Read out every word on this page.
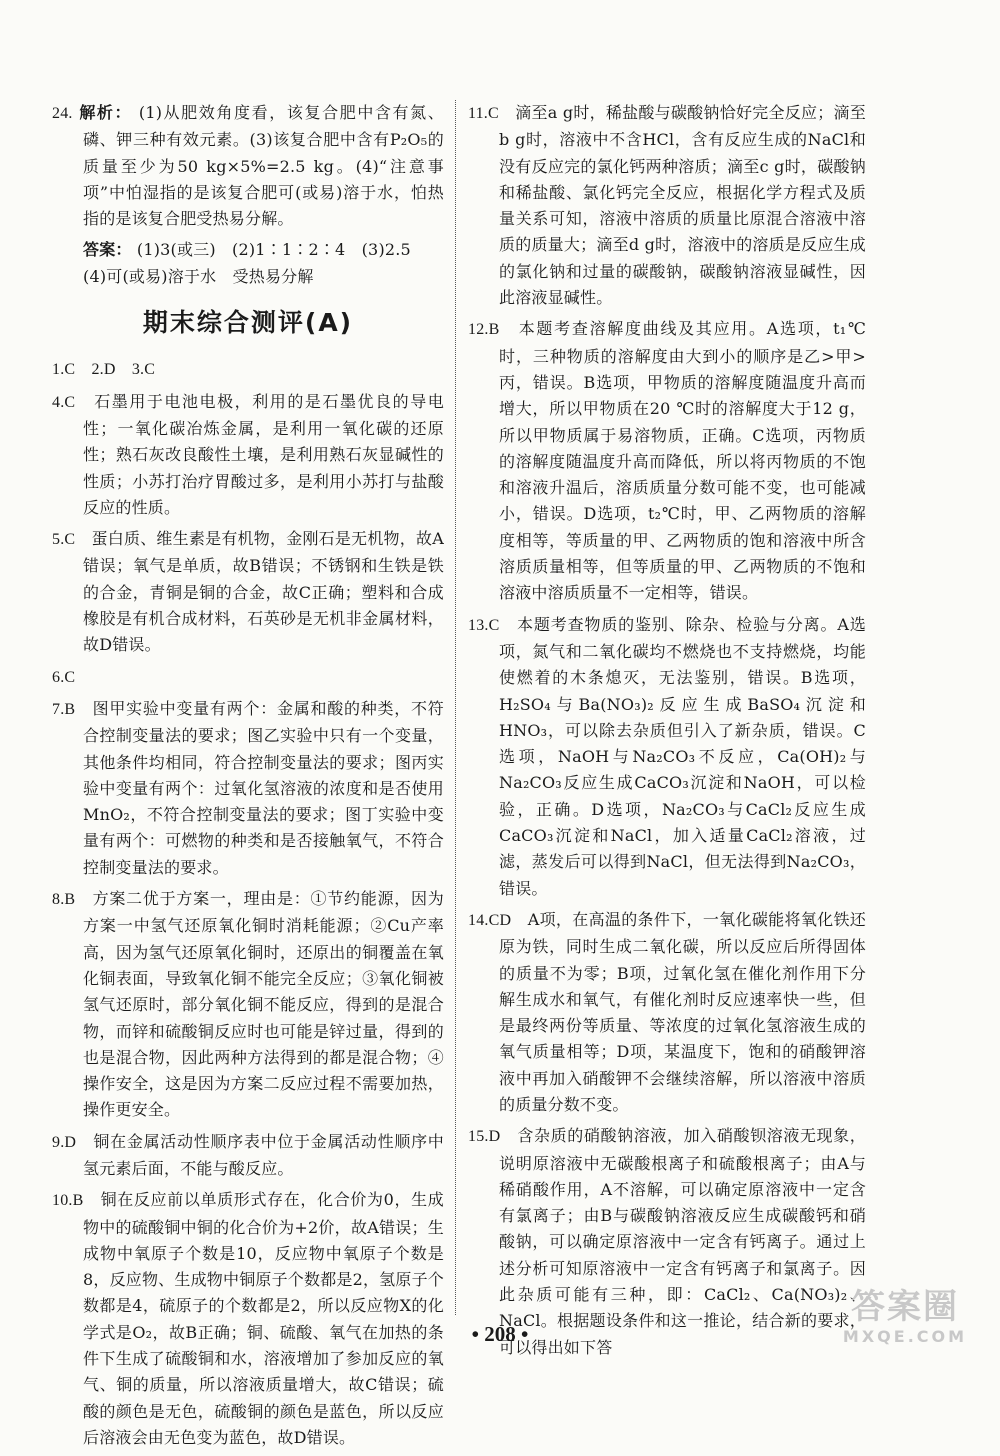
24. 解析： (1)从肥效角度看，该复合肥中含有氮、磷、钾三种有效元素。(3)该复合肥中含有P₂O₅的质量至少为50 kg×5%=2.5 kg。(4)“注意事项”中怕湿指的是该复合肥可(或易)溶于水，怕热指的是该复合肥受热易分解。
答案： (1)3(或三)　(2)1∶1∶2∶4　(3)2.5　(4)可(或易)溶于水　受热易分解
期末综合测评(A)
1.C　2.D　3.C
4.C　 石墨用于电池电极，利用的是石墨优良的导电性；一氧化碳冶炼金属，是利用一氧化碳的还原性；熟石灰改良酸性土壤，是利用熟石灰显碱性的性质；小苏打治疗胃酸过多，是利用小苏打与盐酸反应的性质。
5.C　 蛋白质、维生素是有机物，金刚石是无机物，故A错误；氧气是单质，故B错误；不锈钢和生铁是铁的合金，青铜是铜的合金，故C正确；塑料和合成橡胶是有机合成材料，石英砂是无机非金属材料，故D错误。
6.C
7.B　 图甲实验中变量有两个：金属和酸的种类，不符合控制变量法的要求；图乙实验中只有一个变量，其他条件均相同，符合控制变量法的要求；图丙实验中变量有两个：过氧化氢溶液的浓度和是否使用MnO₂，不符合控制变量法的要求；图丁实验中变量有两个：可燃物的种类和是否接触氧气，不符合控制变量法的要求。
8.B　 方案二优于方案一，理由是：①节约能源，因为方案一中氢气还原氧化铜时消耗能源；②Cu产率高，因为氢气还原氧化铜时，还原出的铜覆盖在氧化铜表面，导致氧化铜不能完全反应；③氧化铜被氢气还原时，部分氧化铜不能反应，得到的是混合物，而锌和硫酸铜反应时也可能是锌过量，得到的也是混合物，因此两种方法得到的都是混合物；④操作安全，这是因为方案二反应过程不需要加热，操作更安全。
9.D　 铜在金属活动性顺序表中位于金属活动性顺序中氢元素后面，不能与酸反应。
10.B　 铜在反应前以单质形式存在，化合价为0，生成物中的硫酸铜中铜的化合价为+2价，故A错误；生成物中氧原子个数是10，反应物中氧原子个数是8，反应物、生成物中铜原子个数都是2，氢原子个数都是4，硫原子的个数都是2，所以反应物X的化学式是O₂，故B正确；铜、硫酸、氧气在加热的条件下生成了硫酸铜和水，溶液增加了参加反应的氧气、铜的质量，所以溶液质量增大，故C错误；硫酸的颜色是无色，硫酸铜的颜色是蓝色，所以反应后溶液会由无色变为蓝色，故D错误。
11.C　 滴至a g时，稀盐酸与碳酸钠恰好完全反应；滴至b g时，溶液中不含HCl，含有反应生成的NaCl和没有反应完的氯化钙两种溶质；滴至c g时，碳酸钠和稀盐酸、氯化钙完全反应，根据化学方程式及质量关系可知，溶液中溶质的质量比原混合溶液中溶质的质量大；滴至d g时，溶液中的溶质是反应生成的氯化钠和过量的碳酸钠，碳酸钠溶液显碱性，因此溶液显碱性。
12.B　 本题考查溶解度曲线及其应用。A选项，t₁℃时，三种物质的溶解度由大到小的顺序是乙>甲>丙，错误。B选项，甲物质的溶解度随温度升高而增大，所以甲物质在20 ℃时的溶解度大于12 g，所以甲物质属于易溶物质，正确。C选项，丙物质的溶解度随温度升高而降低，所以将丙物质的不饱和溶液升温后，溶质质量分数可能不变，也可能减小，错误。D选项，t₂℃时，甲、乙两物质的溶解度相等，等质量的甲、乙两物质的饱和溶液中所含溶质质量相等，但等质量的甲、乙两物质的不饱和溶液中溶质质量不一定相等，错误。
13.C　 本题考查物质的鉴别、除杂、检验与分离。A选项，氮气和二氧化碳均不燃烧也不支持燃烧，均能使燃着的木条熄灭，无法鉴别，错误。B选项，H₂SO₄与Ba(NO₃)₂反应生成BaSO₄沉淀和HNO₃，可以除去杂质但引入了新杂质，错误。C选项，NaOH与Na₂CO₃不反应，Ca(OH)₂与Na₂CO₃反应生成CaCO₃沉淀和NaOH，可以检验，正确。D选项，Na₂CO₃与CaCl₂反应生成CaCO₃沉淀和NaCl，加入适量CaCl₂溶液，过滤，蒸发后可以得到NaCl，但无法得到Na₂CO₃，错误。
14.CD　 A项，在高温的条件下，一氧化碳能将氧化铁还原为铁，同时生成二氧化碳，所以反应后所得固体的质量不为零；B项，过氧化氢在催化剂作用下分解生成水和氧气，有催化剂时反应速率快一些，但是最终两份等质量、等浓度的过氧化氢溶液生成的氧气质量相等；D项，某温度下，饱和的硝酸钾溶液中再加入硝酸钾不会继续溶解，所以溶液中溶质的质量分数不变。
15.D　 含杂质的硝酸钠溶液，加入硝酸钡溶液无现象，说明原溶液中无碳酸根离子和硫酸根离子；由A与稀硝酸作用，A不溶解，可以确定原溶液中一定含有氯离子；由B与碳酸钠溶液反应生成碳酸钙和硝酸钠，可以确定原溶液中一定含有钙离子。通过上述分析可知原溶液中一定含有钙离子和氯离子。因此杂质可能有三种，即：CaCl₂、Ca(NO₃)₂、NaCl。根据题设条件和这一推论，结合新的要求，可以得出如下答
• 208 •
答案圈
MXQE.COM
